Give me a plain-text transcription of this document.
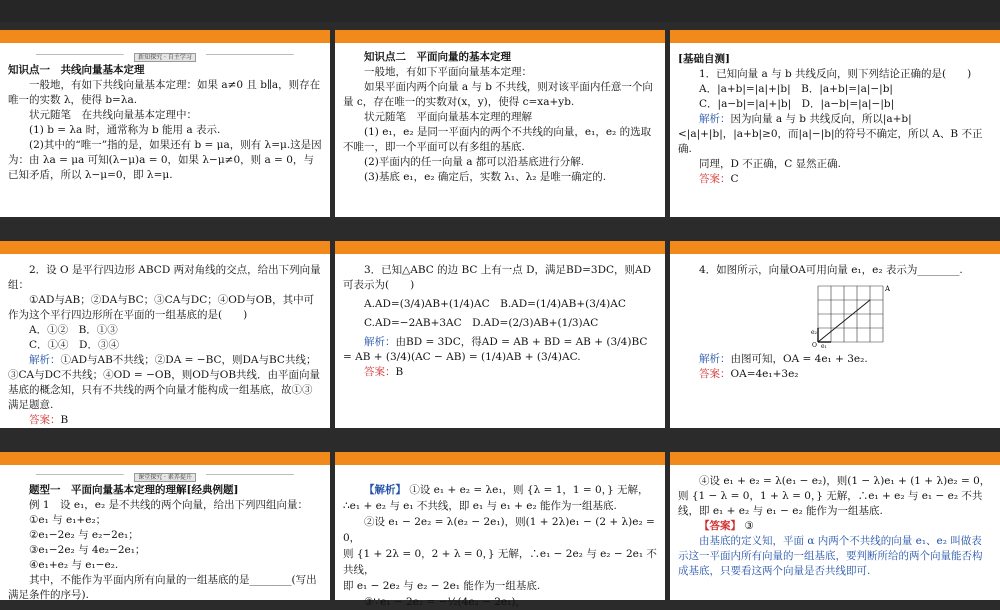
新知探究 · 自主学习

知识点一　共线向量基本定理

一般地，有如下共线向量基本定理：如果 a≠0 且 b∥a，则存在唯一的实数 λ，使得 b=λa.

状元随笔　在共线向量基本定理中：

(1) b = λa 时，通常称为 b 能用 a 表示.

(2)其中的“唯一”指的是，如果还有 b = μa，则有 λ=μ.这是因为：由 λa = μa 可知(λ−μ)a = 0，如果 λ−μ≠0，则 a = 0，与已知矛盾，所以 λ−μ=0，即 λ=μ.

知识点二　平面向量的基本定理

一般地，有如下平面向量基本定理：

如果平面内两个向量 a 与 b 不共线，则对该平面内任意一个向量 c，存在唯一的实数对(x，y)，使得 c=xa+yb.

状元随笔　平面向量基本定理的理解

(1) e₁，e₂ 是同一平面内的两个不共线的向量，e₁，e₂ 的选取不唯一，即一个平面可以有多组的基底.

(2)平面内的任一向量 a 都可以沿基底进行分解.

(3)基底 e₁，e₂ 确定后，实数 λ₁、λ₂ 是唯一确定的.

[基础自测]

1．已知向量 a 与 b 共线反向，则下列结论正确的是(　　)

A．|a+b|=|a|+|b|　B．|a+b|=|a|−|b|

C．|a−b|=|a|+|b|　D．|a−b|=|a|−|b|

解析：因为向量 a 与 b 共线反向，所以|a+b|<|a|+|b|，|a+b|≥0，而|a|−|b|的符号不确定，所以 A、B 不正确.

同理，D 不正确，C 显然正确.

答案：C

2．设 O 是平行四边形 ABCD 两对角线的交点，给出下列向量组：

①AD与AB；②DA与BC；③CA与DC；④OD与OB，其中可作为这个平行四边形所在平面的一组基底的是(　　)

A．①②　B．①③

C．①④　D．③④

解析：①AD与AB不共线；②DA = −BC，则DA与BC共线；③CA与DC不共线；④OD = −OB，则OD与OB共线．由平面向量基底的概念知，只有不共线的两个向量才能构成一组基底，故①③满足题意.

答案：B

3．已知△ABC 的边 BC 上有一点 D，满足BD=3DC，则AD可表示为(　　)

A.AD=(3/4)AB+(1/4)AC　B.AD=(1/4)AB+(3/4)AC

C.AD=−2AB+3AC　D.AD=(2/3)AB+(1/3)AC

解析：由BD = 3DC，得AD = AB + BD = AB + (3/4)BC = AB + (3/4)(AC − AB) = (1/4)AB + (3/4)AC.

答案：B

4．如图所示，向量OA可用向量 e₁，e₂ 表示为________.

解析：由图可知，OA = 4e₁ + 3e₂.

答案：OA=4e₁+3e₂

A
O e₁
e₂
课堂探究 · 素养提升

题型一　平面向量基本定理的理解[经典例题]

例 1　设 e₁，e₂ 是不共线的两个向量，给出下列四组向量：

①e₁ 与 e₁+e₂；

②e₁−2e₂ 与 e₂−2e₁；

③e₁−2e₂ 与 4e₂−2e₁；

④e₁+e₂ 与 e₁−e₂.

其中，不能作为平面内所有向量的一组基底的是________(写出满足条件的序号).

【解析】 ①设 e₁ + e₂ = λe₁，则 {λ = 1，1 = 0，} 无解，

∴e₁ + e₂ 与 e₁ 不共线，即 e₁ 与 e₁ + e₂ 能作为一组基底.

②设 e₁ − 2e₂ = λ(e₂ − 2e₁)，则(1 + 2λ)e₁ − (2 + λ)e₂ = 0，

则 {1 + 2λ = 0，2 + λ = 0，} 无解，∴e₁ − 2e₂ 与 e₂ − 2e₁ 不共线，

即 e₁ − 2e₂ 与 e₂ − 2e₁ 能作为一组基底.

③∵e₁ − 2e₂ = −½(4e₂ − 2e₁)，

④设 e₁ + e₂ = λ(e₁ − e₂)，则(1 − λ)e₁ + (1 + λ)e₂ = 0，

则 {1 − λ = 0，1 + λ = 0，} 无解，∴e₁ + e₂ 与 e₁ − e₂ 不共线，即 e₁ + e₂ 与 e₁ − e₂ 能作为一组基底.

【答案】 ③

由基底的定义知，平面 α 内两个不共线的向量 e₁、e₂ 叫做表示这一平面内所有向量的一组基底，要判断所给的两个向量能否构成基底，只要看这两个向量是否共线即可.
